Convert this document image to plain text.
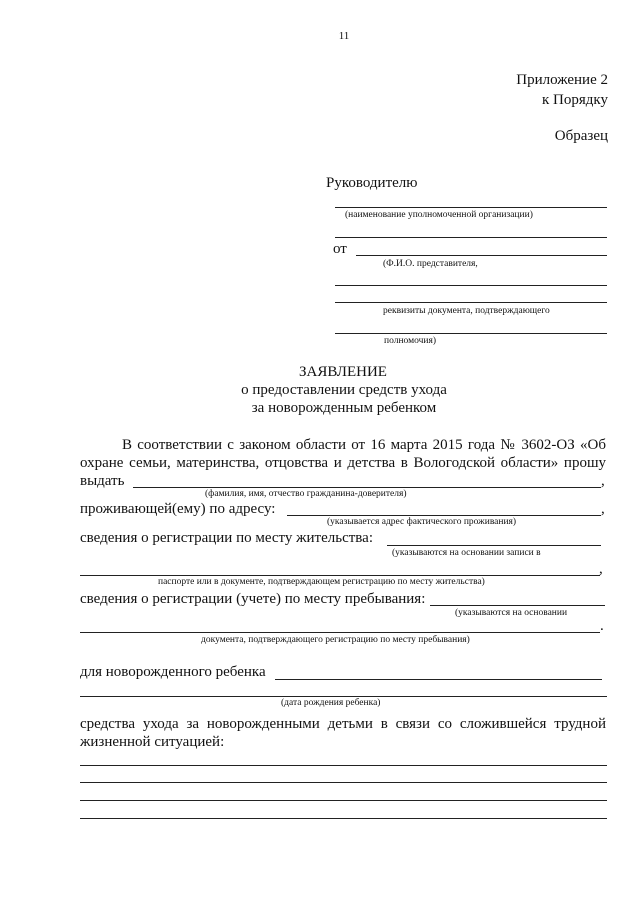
11
Приложение 2
к Порядку
Образец
Руководителю
(наименование уполномоченной организации)
от
(Ф.И.О. представителя,
реквизиты документа, подтверждающего
полномочия)
ЗАЯВЛЕНИЕ
о предоставлении средств ухода
за новорожденным ребенком
В соответствии с законом области от 16 марта 2015 года № 3602-ОЗ «Об
охране семьи, материнства, отцовства и детства в Вологодской области» прошу
выдать	,
(фамилия, имя, отчество гражданина-доверителя)
проживающей(ему) по адресу:	,
(указывается адрес фактического проживания)
сведения о регистрации по месту жительства:
(указываются на основании записи в
,
паспорте или в документе, подтверждающем регистрацию по месту жительства)
сведения о регистрации (учете) по месту пребывания:
(указываются на основании
.
документа, подтверждающего регистрацию по месту пребывания)
для новорожденного ребенка
(дата рождения ребенка)
средства ухода за новорожденными детьми в связи со сложившейся трудной
жизненной ситуацией:
